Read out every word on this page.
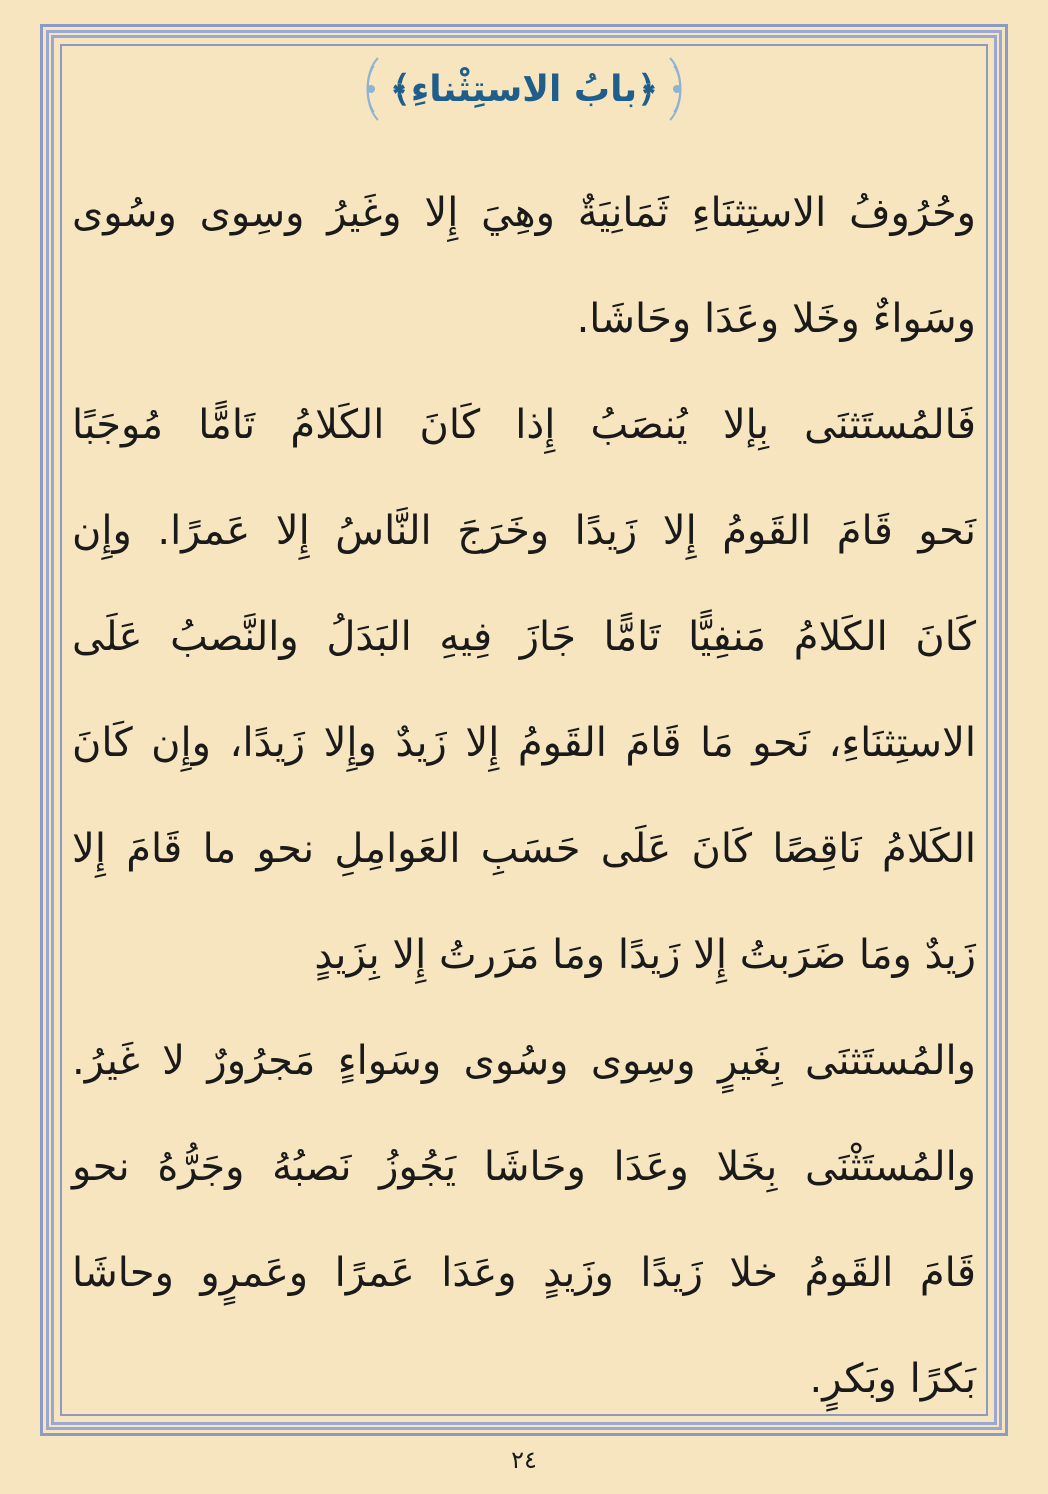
﴿بابُ الاستِثْناءِ﴾
وحُرُوفُ الاستِثنَاءِ ثَمَانِيَةٌ وهِيَ إِلا وغَيرُ وسِوى وسُوى
وسَواءٌ وخَلا وعَدَا وحَاشَا.
فَالمُستَثنَى بِإلا يُنصَبُ إِذا كَانَ الكَلامُ تَامًّا مُوجَبًا
نَحو قَامَ القَومُ إِلا زَيدًا وخَرَجَ النَّاسُ إِلا عَمرًا. وإِن
كَانَ الكَلامُ مَنفِيًّا تَامًّا جَازَ فِيهِ البَدَلُ والنَّصبُ عَلَى
الاستِثنَاءِ، نَحو مَا قَامَ القَومُ إِلا زَيدٌ وإِلا زَيدًا، وإِن كَانَ
الكَلامُ نَاقِصًا كَانَ عَلَى حَسَبِ العَوامِلِ نحو ما قَامَ إِلا
زَيدٌ ومَا ضَرَبتُ إِلا زَيدًا ومَا مَرَرتُ إِلا بِزَيدٍ
والمُستَثنَى بِغَيرٍ وسِوى وسُوى وسَواءٍ مَجرُورٌ لا غَيرُ.
والمُستَثْنَى بِخَلا وعَدَا وحَاشَا يَجُوزُ نَصبُهُ وجَرُّهُ نحو
قَامَ القَومُ خلا زَيدًا وزَيدٍ وعَدَا عَمرًا وعَمرٍو وحاشَا
بَكرًا وبَكرٍ.
٢٤
